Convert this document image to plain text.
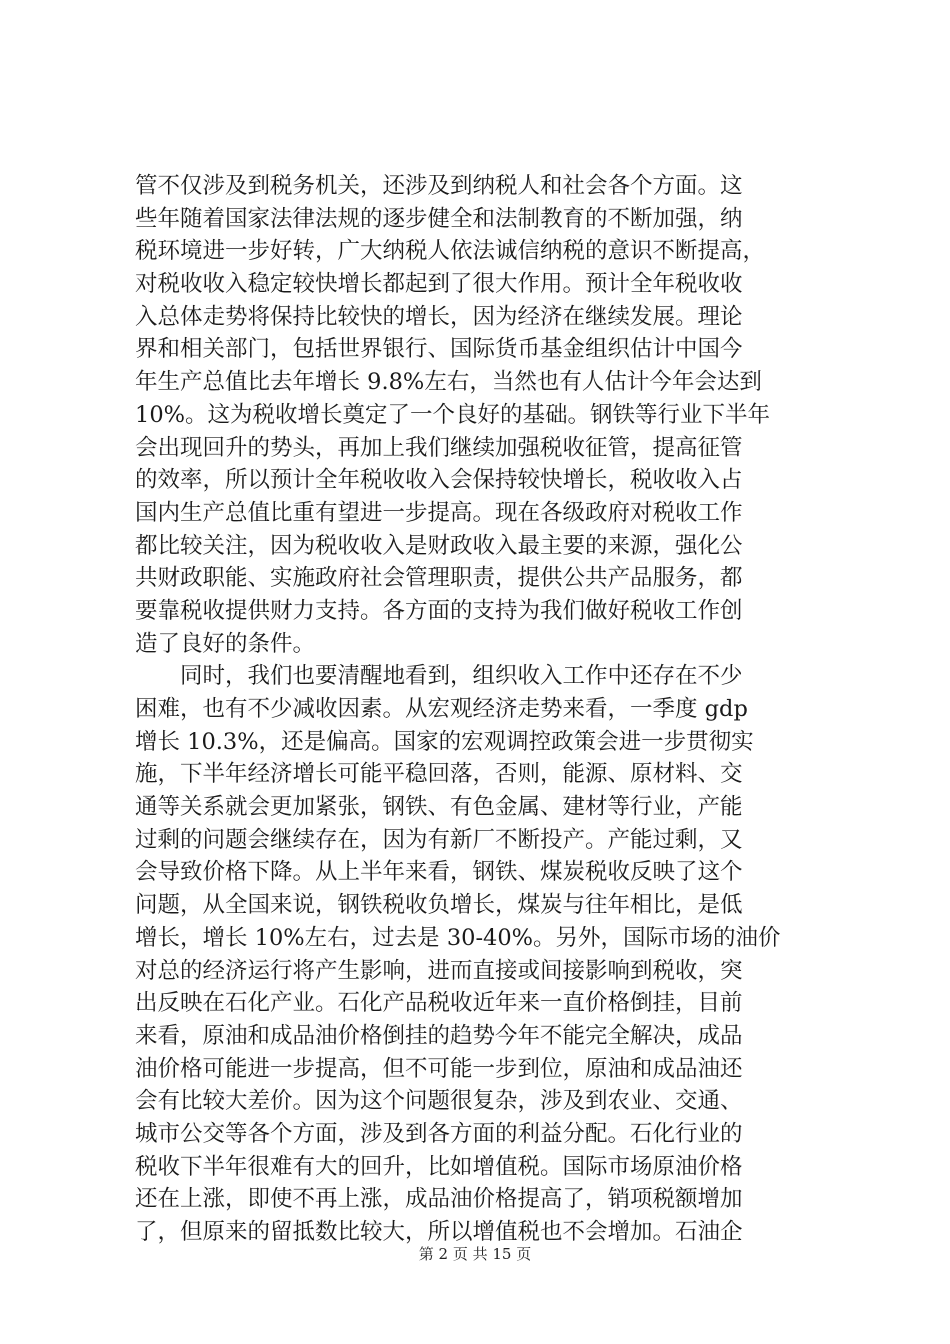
管不仅涉及到税务机关，还涉及到纳税人和社会各个方面。这
些年随着国家法律法规的逐步健全和法制教育的不断加强，纳
税环境进一步好转，广大纳税人依法诚信纳税的意识不断提高，
对税收收入稳定较快增长都起到了很大作用。预计全年税收收
入总体走势将保持比较快的增长，因为经济在继续发展。理论
界和相关部门，包括世界银行、国际货币基金组织估计中国今
年生产总值比去年增长 9.8%左右，当然也有人估计今年会达到
10%。这为税收增长奠定了一个良好的基础。钢铁等行业下半年
会出现回升的势头，再加上我们继续加强税收征管，提高征管
的效率，所以预计全年税收收入会保持较快增长，税收收入占
国内生产总值比重有望进一步提高。现在各级政府对税收工作
都比较关注，因为税收收入是财政收入最主要的来源，强化公
共财政职能、实施政府社会管理职责，提供公共产品服务，都
要靠税收提供财力支持。各方面的支持为我们做好税收工作创
造了良好的条件。
　　同时，我们也要清醒地看到，组织收入工作中还存在不少
困难，也有不少减收因素。从宏观经济走势来看，一季度 gdp
增长 10.3%，还是偏高。国家的宏观调控政策会进一步贯彻实
施，下半年经济增长可能平稳回落，否则，能源、原材料、交
通等关系就会更加紧张，钢铁、有色金属、建材等行业，产能
过剩的问题会继续存在，因为有新厂不断投产。产能过剩，又
会导致价格下降。从上半年来看，钢铁、煤炭税收反映了这个
问题，从全国来说，钢铁税收负增长，煤炭与往年相比，是低
增长，增长 10%左右，过去是 30-40%。另外，国际市场的油价
对总的经济运行将产生影响，进而直接或间接影响到税收，突
出反映在石化产业。石化产品税收近年来一直价格倒挂，目前
来看，原油和成品油价格倒挂的趋势今年不能完全解决，成品
油价格可能进一步提高，但不可能一步到位，原油和成品油还
会有比较大差价。因为这个问题很复杂，涉及到农业、交通、
城市公交等各个方面，涉及到各方面的利益分配。石化行业的
税收下半年很难有大的回升，比如增值税。国际市场原油价格
还在上涨，即使不再上涨，成品油价格提高了，销项税额增加
了，但原来的留抵数比较大，所以增值税也不会增加。石油企
第 2 页 共 15 页
